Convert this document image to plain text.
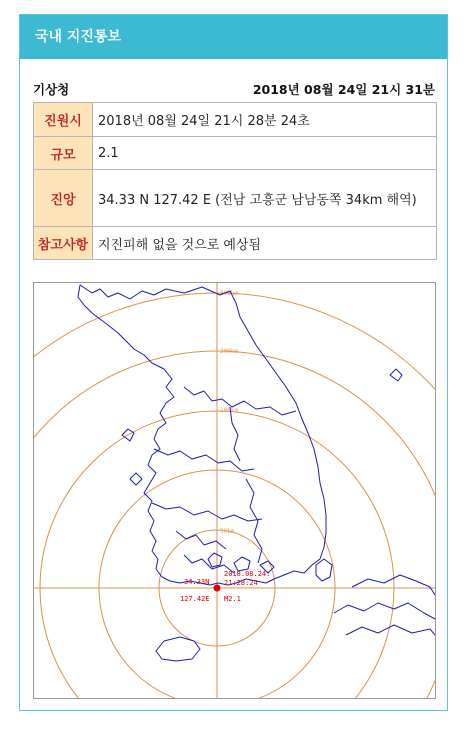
국내 지진통보
기상청	2018년 08월 24일 21시 31분
진원시	2018년 08월 24일 21시 28분 24초
규모	2.1
진앙	34.33 N 127.42 E (전남 고흥군 남남동쪽 34km 해역)
참고사항	지진피해 없을 것으로 예상됨
300km
200km
100km
50km
34.33N
127.42E
2018.08.24.
21:28:24
M2.1
